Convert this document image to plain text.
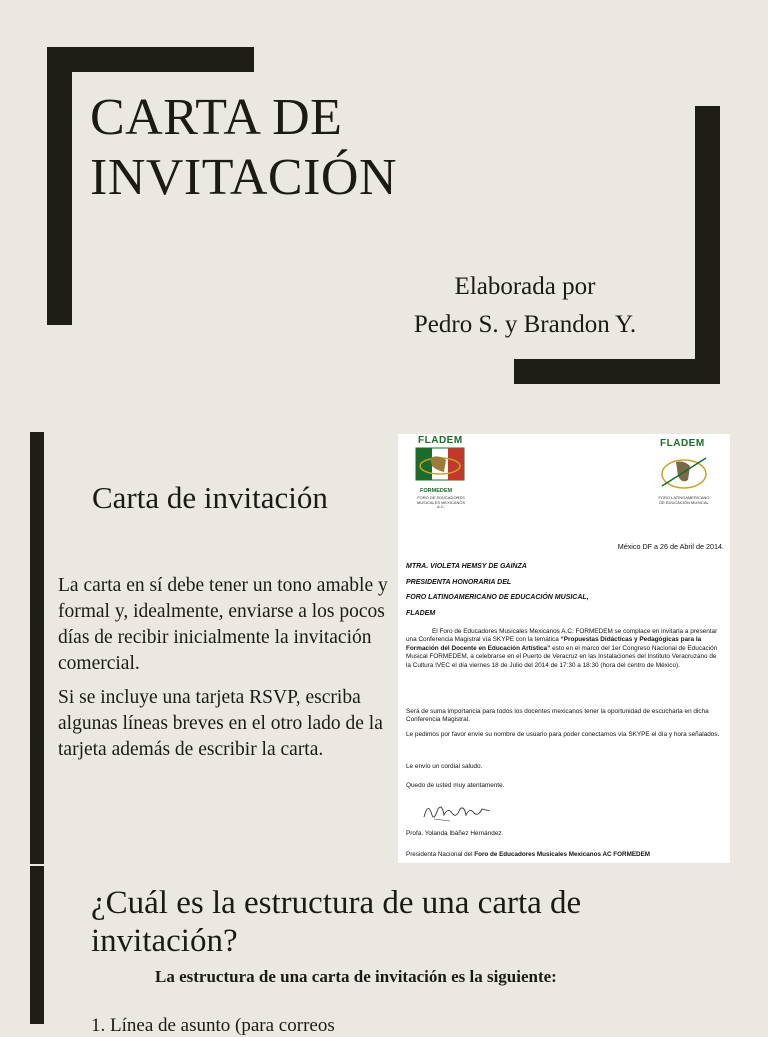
CARTA DE
INVITACIÓN
Elaborada por
Pedro S. y Brandon Y.
Carta de invitación

La carta en sí debe tener un tono amable y formal y, idealmente, enviarse a los pocos días de recibir inicialmente la invitación comercial.

Si se incluye una tarjeta RSVP, escriba algunas líneas breves en el otro lado de la tarjeta además de escribir la carta.

FLADEM
FORMEDEM
FORO DE EDUCADORES MUSICALES MEXICANOS A.C.
FLADEM
FORO LATINOAMERICANO DE EDUCACIÓN MUSICAL
México DF a 26 de Abril de 2014.
MTRA. VIOLETA HEMSY DE GAINZA
PRESIDENTA HONORARIA DEL
FORO LATINOAMERICANO DE EDUCACIÓN MUSICAL,
FLADEM
El Foro de Educadores Musicales Mexicanos A.C. FORMEDEM se complace en invitarla a presentar una Conferencia Magistral vía SKYPE con la temática “Propuestas Didácticas y Pedagógicas para la Formación del Docente en Educación Artística” esto en el marco del 1er Congreso Nacional de Educación Musical FORMEDEM, a celebrarse en el Puerto de Veracruz en las Instalaciones del Instituto Veracruzano de la Cultura IVEC el día viernes 18 de Julio del 2014 de 17:30 a 18:30 (hora del centro de México).
Será de suma importancia para todos los docentes mexicanos tener la oportunidad de escucharla en dicha Conferencia Magistral.
Le pedimos por favor envíe su nombre de usuario para poder conectarnos vía SKYPE el día y hora señalados.
Le envío un cordial saludo.
Quedo de usted muy atentamente.
Profa. Yolanda Ibáñez Hernández.
Presidenta Nacional del Foro de Educadores Musicales Mexicanos AC FORMEDEM
¿Cuál es la estructura de una carta de
invitación?
La estructura de una carta de invitación es la siguiente:
1. Línea de asunto (para correos
